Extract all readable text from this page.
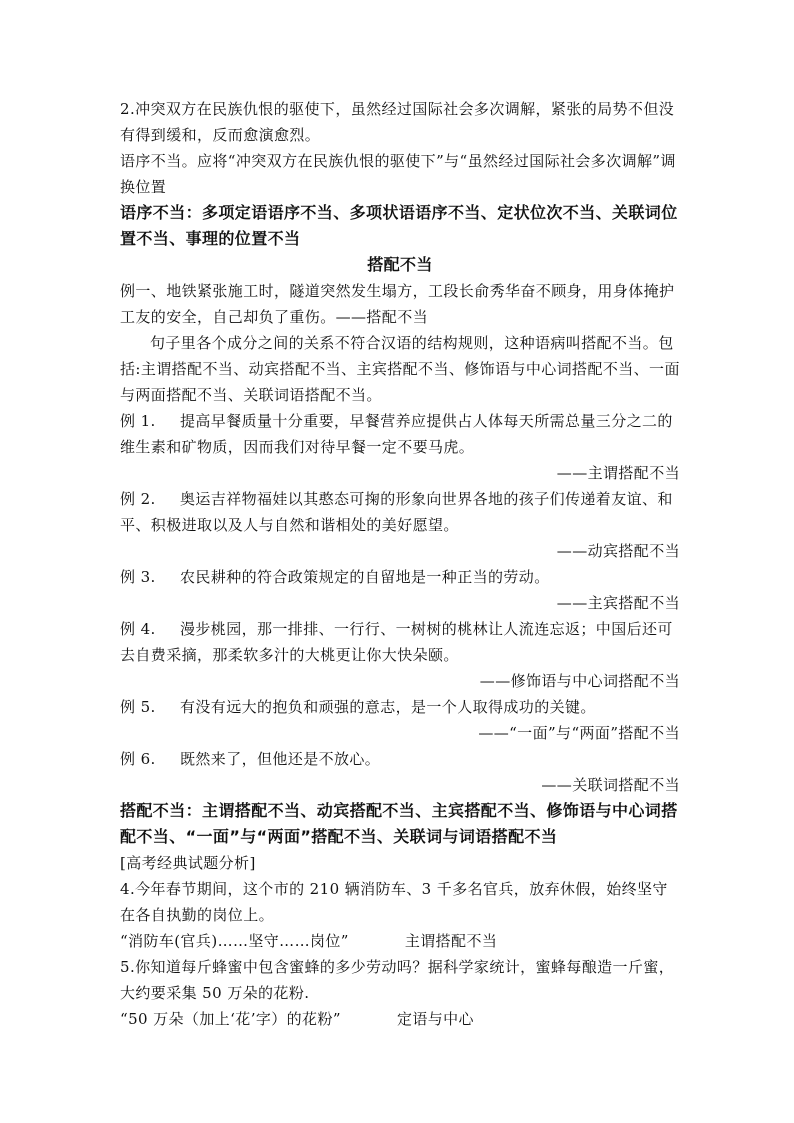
2.冲突双方在民族仇恨的驱使下，虽然经过国际社会多次调解，紧张的局势不但没有得到缓和，反而愈演愈烈。

语序不当。应将“冲突双方在民族仇恨的驱使下”与“虽然经过国际社会多次调解”调换位置

语序不当：多项定语语序不当、多项状语语序不当、定状位次不当、关联词位置不当、事理的位置不当

搭配不当

例一、地铁紧张施工时，隧道突然发生塌方，工段长俞秀华奋不顾身，用身体掩护工友的安全，自己却负了重伤。——搭配不当

句子里各个成分之间的关系不符合汉语的结构规则，这种语病叫搭配不当。包括:主谓搭配不当、动宾搭配不当、主宾搭配不当、修饰语与中心词搭配不当、一面与两面搭配不当、关联词语搭配不当。

例 1. 提高早餐质量十分重要，早餐营养应提供占人体每天所需总量三分之二的维生素和矿物质，因而我们对待早餐一定不要马虎。

——主谓搭配不当

例 2. 奥运吉祥物福娃以其憨态可掬的形象向世界各地的孩子们传递着友谊、和平、积极进取以及人与自然和谐相处的美好愿望。

——动宾搭配不当

例 3. 农民耕种的符合政策规定的自留地是一种正当的劳动。

——主宾搭配不当

例 4. 漫步桃园，那一排排、一行行、一树树的桃林让人流连忘返；中国后还可去自费采摘，那柔软多汁的大桃更让你大快朵颐。

——修饰语与中心词搭配不当

例 5. 有没有远大的抱负和顽强的意志，是一个人取得成功的关键。

——“一面”与“两面”搭配不当

例 6. 既然来了，但他还是不放心。

——关联词搭配不当

搭配不当：主谓搭配不当、动宾搭配不当、主宾搭配不当、修饰语与中心词搭配不当、“一面”与“两面”搭配不当、关联词与词语搭配不当

[高考经典试题分析]

4.今年春节期间，这个市的 210 辆消防车、3 千多名官兵，放弃休假，始终坚守在各自执勤的岗位上。

“消防车(官兵)……坚守……岗位”	主谓搭配不当

5.你知道每斤蜂蜜中包含蜜蜂的多少劳动吗？据科学家统计，蜜蜂每酿造一斤蜜，大约要采集 50 万朵的花粉.

“50 万朵（加上‘花’字）的花粉”	定语与中心
